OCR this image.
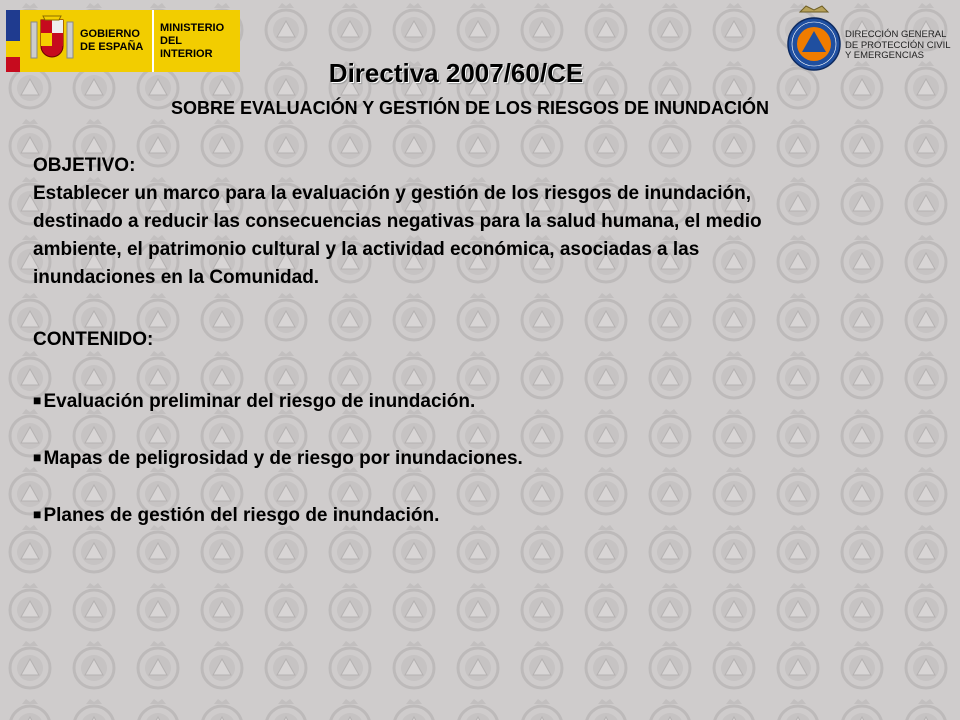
GOBIERNO
DE ESPAÑA
MINISTERIO
DEL INTERIOR
DIRECCIÓN GENERAL
DE PROTECCIÓN CIVIL
Y EMERGENCIAS
Directiva 2007/60/CE
SOBRE EVALUACIÓN Y GESTIÓN DE LOS RIESGOS DE INUNDACIÓN
OBJETIVO:
Establecer un marco para la evaluación y gestión de los riesgos de inundación,
destinado a reducir las consecuencias negativas para la salud humana, el medio
ambiente, el patrimonio cultural y la actividad económica, asociadas a las
inundaciones en la Comunidad.
CONTENIDO:
■ Evaluación preliminar del riesgo de inundación.
■ Mapas de peligrosidad y de riesgo por inundaciones.
■ Planes de gestión del riesgo de inundación.
